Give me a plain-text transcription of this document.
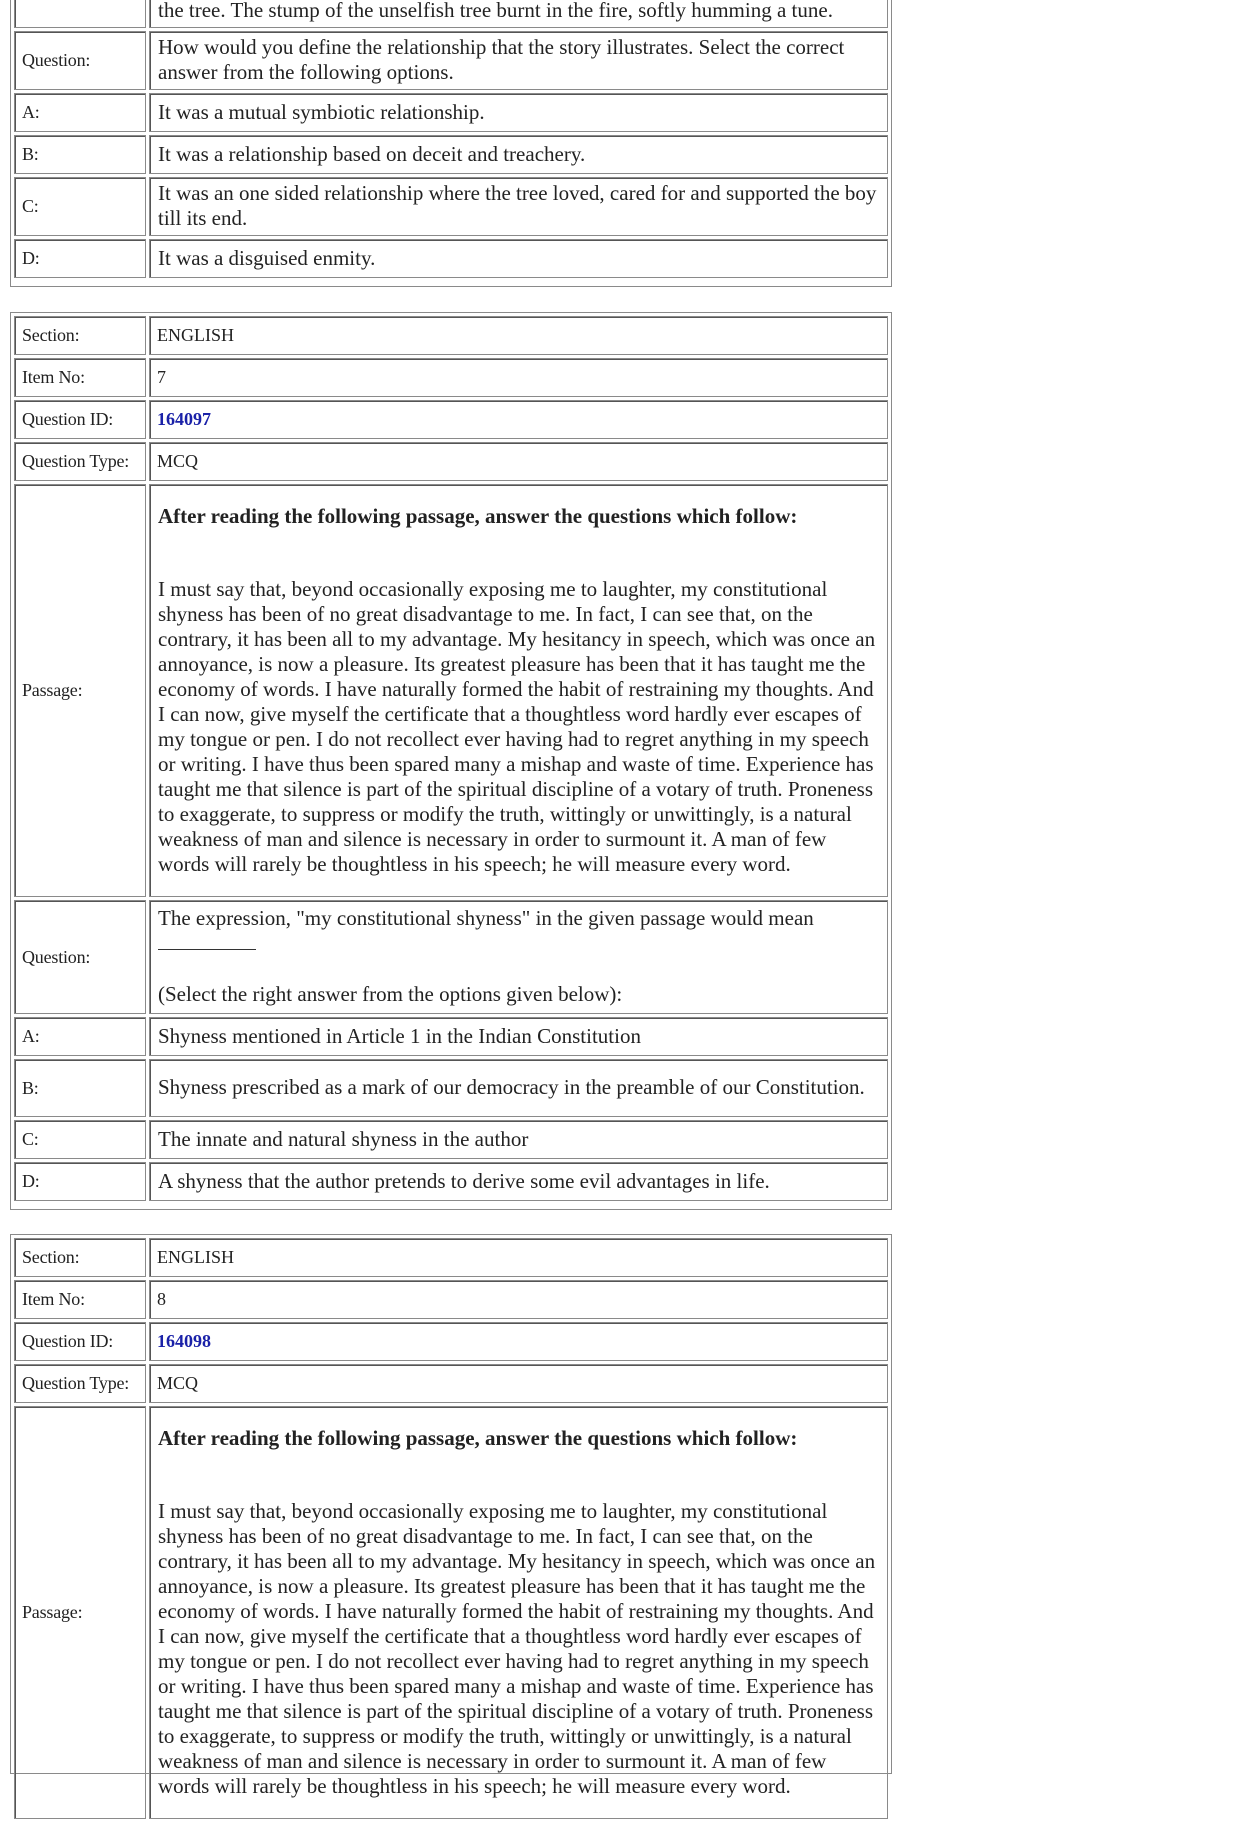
	the tree. The stump of the unselfish tree burnt in the fire, softly humming a tune.
Question:	How would you define the relationship that the story illustrates. Select the correct answer from the following options.
A:	It was a mutual symbiotic relationship.
B:	It was a relationship based on deceit and treachery.
C:	It was an one sided relationship where the tree loved, cared for and supported the boy till its end.
D:	It was a disguised enmity.
Section:	ENGLISH
Item No:	7
Question ID:	164097
Question Type:	MCQ
Passage:	After reading the following passage, answer the questions which follow:
I must say that, beyond occasionally exposing me to laughter, my constitutional shyness has been of no great disadvantage to me. In fact, I can see that, on the contrary, it has been all to my advantage. My hesitancy in speech, which was once an annoyance, is now a pleasure. Its greatest pleasure has been that it has taught me the economy of words. I have naturally formed the habit of restraining my thoughts. And I can now, give myself the certificate that a thoughtless word hardly ever escapes of my tongue or pen. I do not recollect ever having had to regret anything in my speech or writing. I have thus been spared many a mishap and waste of time. Experience has taught me that silence is part of the spiritual discipline of a votary of truth. Proneness to exaggerate, to suppress or modify the truth, wittingly or unwittingly, is a natural weakness of man and silence is necessary in order to surmount it. A man of few words will rarely be thoughtless in his speech; he will measure every word.

Question:	The expression, "my constitutional shyness" in the given passage would mean
(Select the right answer from the options given below):

A:	Shyness mentioned in Article 1 in the Indian Constitution
B:	Shyness prescribed as a mark of our democracy in the preamble of our Constitution.
C:	The innate and natural shyness in the author
D:	A shyness that the author pretends to derive some evil advantages in life.
Section:	ENGLISH
Item No:	8
Question ID:	164098
Question Type:	MCQ
Passage:	After reading the following passage, answer the questions which follow:
I must say that, beyond occasionally exposing me to laughter, my constitutional shyness has been of no great disadvantage to me. In fact, I can see that, on the contrary, it has been all to my advantage. My hesitancy in speech, which was once an annoyance, is now a pleasure. Its greatest pleasure has been that it has taught me the economy of words. I have naturally formed the habit of restraining my thoughts. And I can now, give myself the certificate that a thoughtless word hardly ever escapes of my tongue or pen. I do not recollect ever having had to regret anything in my speech or writing. I have thus been spared many a mishap and waste of time. Experience has taught me that silence is part of the spiritual discipline of a votary of truth. Proneness to exaggerate, to suppress or modify the truth, wittingly or unwittingly, is a natural weakness of man and silence is necessary in order to surmount it. A man of few words will rarely be thoughtless in his speech; he will measure every word.
